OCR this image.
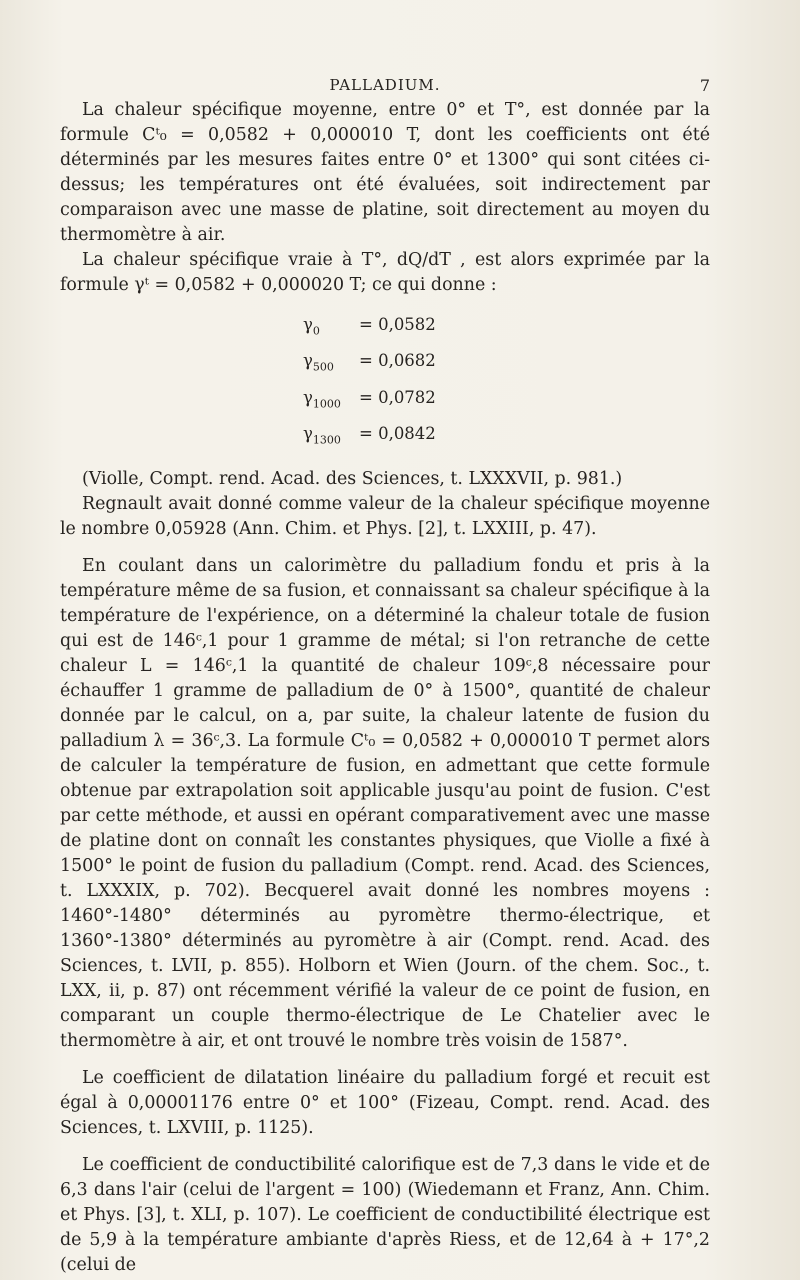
PALLADIUM.	7

La chaleur spécifique moyenne, entre 0° et T°, est donnée par la formule Cᵗ₀ = 0,0582 + 0,000010 T, dont les coefficients ont été déterminés par les mesures faites entre 0° et 1300° qui sont citées ci-dessus; les températures ont été évaluées, soit indirectement par comparaison avec une masse de platine, soit directement au moyen du thermomètre à air.

La chaleur spécifique vraie à T°, dQ/dT , est alors exprimée par la formule γᵗ = 0,0582 + 0,000020 T; ce qui donne :

$\gamma_0$	= 0,0582
$\gamma_{500}$	= 0,0682
$\gamma_{1000}$	= 0,0782
$\gamma_{1300}$	= 0,0842

(Violle, Compt. rend. Acad. des Sciences, t. LXXXVII, p. 981.)

Regnault avait donné comme valeur de la chaleur spécifique moyenne le nombre 0,05928 (Ann. Chim. et Phys. [2], t. LXXIII, p. 47).

En coulant dans un calorimètre du palladium fondu et pris à la température même de sa fusion, et connaissant sa chaleur spécifique à la température de l'expérience, on a déterminé la chaleur totale de fusion qui est de 146ᶜ,1 pour 1 gramme de métal; si l'on retranche de cette chaleur L = 146ᶜ,1 la quantité de chaleur 109ᶜ,8 nécessaire pour échauffer 1 gramme de palladium de 0° à 1500°, quantité de chaleur donnée par le calcul, on a, par suite, la chaleur latente de fusion du palladium λ = 36ᶜ,3. La formule Cᵗ₀ = 0,0582 + 0,000010 T permet alors de calculer la température de fusion, en admettant que cette formule obtenue par extrapolation soit applicable jusqu'au point de fusion. C'est par cette méthode, et aussi en opérant comparativement avec une masse de platine dont on connaît les constantes physiques, que Violle a fixé à 1500° le point de fusion du palladium (Compt. rend. Acad. des Sciences, t. LXXXIX, p. 702). Becquerel avait donné les nombres moyens : 1460°-1480° déterminés au pyromètre thermo-électrique, et 1360°-1380° déterminés au pyromètre à air (Compt. rend. Acad. des Sciences, t. LVII, p. 855). Holborn et Wien (Journ. of the chem. Soc., t. LXX, ii, p. 87) ont récemment vérifié la valeur de ce point de fusion, en comparant un couple thermo-électrique de Le Chatelier avec le thermomètre à air, et ont trouvé le nombre très voisin de 1587°.

Le coefficient de dilatation linéaire du palladium forgé et recuit est égal à 0,00001176 entre 0° et 100° (Fizeau, Compt. rend. Acad. des Sciences, t. LXVIII, p. 1125).

Le coefficient de conductibilité calorifique est de 7,3 dans le vide et de 6,3 dans l'air (celui de l'argent = 100) (Wiedemann et Franz, Ann. Chim. et Phys. [3], t. XLI, p. 107). Le coefficient de conductibilité électrique est de 5,9 à la température ambiante d'après Riess, et de 12,64 à + 17°,2 (celui de
